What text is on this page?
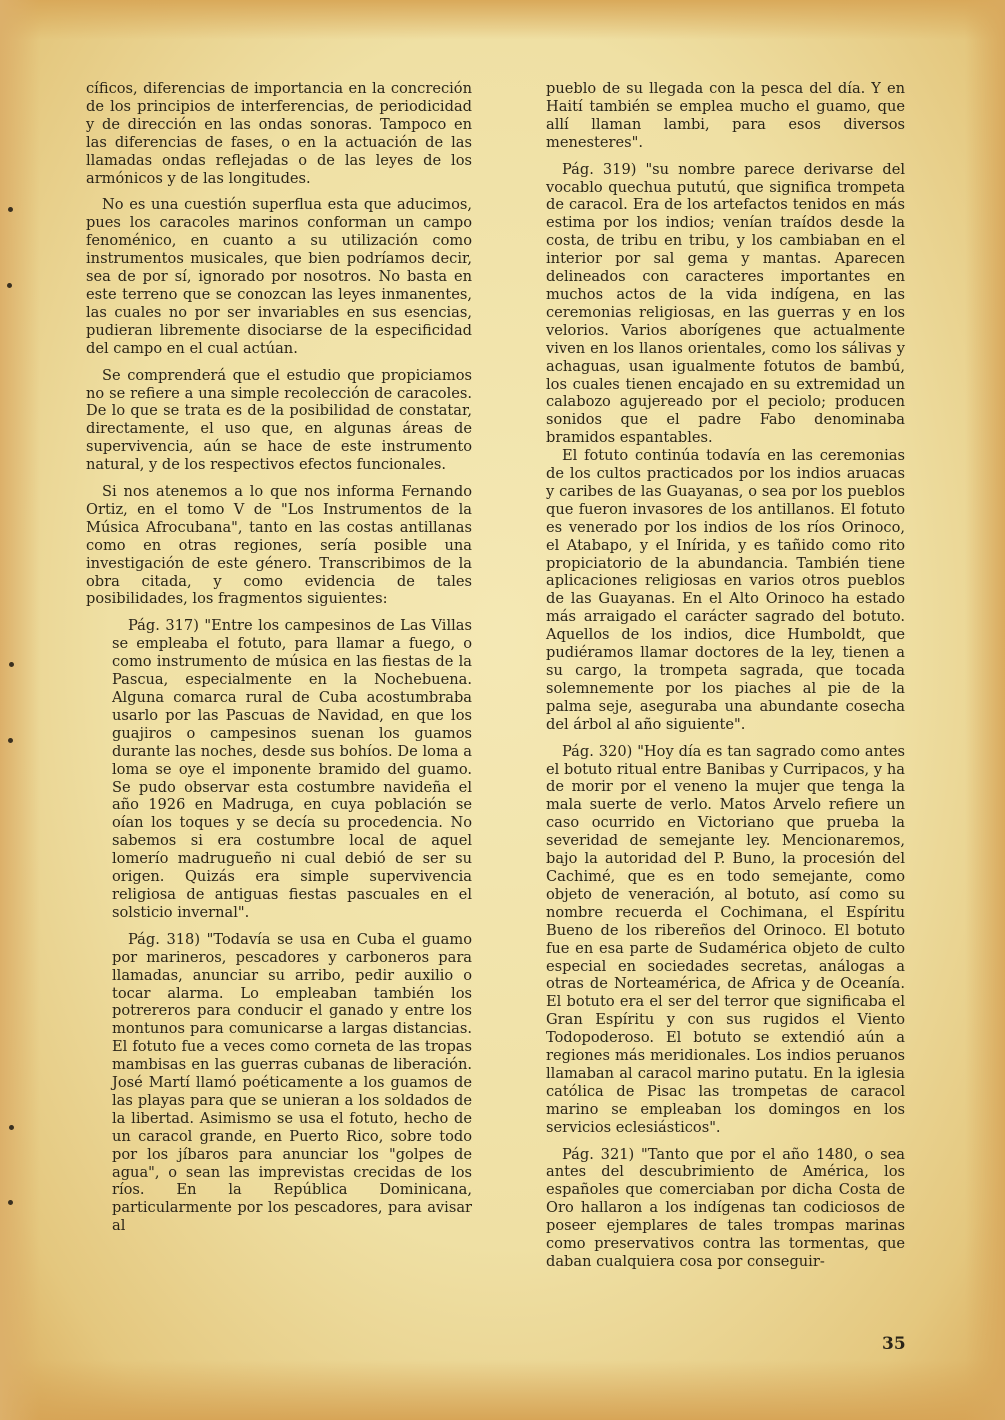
cíficos, diferencias de importancia en la concreción de los principios de interferencias, de periodicidad y de dirección en las ondas sonoras. Tampoco en las diferencias de fases, o en la actuación de las llamadas ondas reflejadas o de las leyes de los armónicos y de las longitudes.

No es una cuestión superflua esta que aducimos, pues los caracoles marinos conforman un campo fenoménico, en cuanto a su utilización como instrumentos musicales, que bien podríamos decir, sea de por sí, ignorado por nosotros. No basta en este terreno que se conozcan las leyes inmanentes, las cuales no por ser invariables en sus esencias, pudieran libremente disociarse de la especificidad del campo en el cual actúan.

Se comprenderá que el estudio que propiciamos no se refiere a una simple recolección de caracoles. De lo que se trata es de la posibilidad de constatar, directamente, el uso que, en algunas áreas de supervivencia, aún se hace de este instrumento natural, y de los respectivos efectos funcionales.

Si nos atenemos a lo que nos informa Fernando Ortiz, en el tomo V de "Los Instrumentos de la Música Afrocubana", tanto en las costas antillanas como en otras regiones, sería posible una investigación de este género. Transcribimos de la obra citada, y como evidencia de tales posibilidades, los fragmentos siguientes:

Pág. 317) "Entre los campesinos de Las Villas se empleaba el fotuto, para llamar a fuego, o como instrumento de música en las fiestas de la Pascua, especialmente en la Nochebuena. Alguna comarca rural de Cuba acostumbraba usarlo por las Pascuas de Navidad, en que los guajiros o campesinos suenan los guamos durante las noches, desde sus bohíos. De loma a loma se oye el imponente bramido del guamo. Se pudo observar esta costumbre navideña el año 1926 en Madruga, en cuya población se oían los toques y se decía su procedencia. No sabemos si era costumbre local de aquel lomerío madrugueño ni cual debió de ser su origen. Quizás era simple supervivencia religiosa de antiguas fiestas pascuales en el solsticio invernal".

Pág. 318) "Todavía se usa en Cuba el guamo por marineros, pescadores y carboneros para llamadas, anunciar su arribo, pedir auxilio o tocar alarma. Lo empleaban también los potrereros para conducir el ganado y entre los montunos para comunicarse a largas distancias. El fotuto fue a veces como corneta de las tropas mambisas en las guerras cubanas de liberación. José Martí llamó poéticamente a los guamos de las playas para que se unieran a los soldados de la libertad. Asimismo se usa el fotuto, hecho de un caracol grande, en Puerto Rico, sobre todo por los jíbaros para anunciar los "golpes de agua", o sean las imprevistas crecidas de los ríos. En la República Dominicana, particularmente por los pescadores, para avisar al

pueblo de su llegada con la pesca del día. Y en Haití también se emplea mucho el guamo, que allí llaman lambi, para esos diversos menesteres".

Pág. 319) "su nombre parece derivarse del vocablo quechua pututú, que significa trompeta de caracol. Era de los artefactos tenidos en más estima por los indios; venían traídos desde la costa, de tribu en tribu, y los cambiaban en el interior por sal gema y mantas. Aparecen delineados con caracteres importantes en muchos actos de la vida indígena, en las ceremonias religiosas, en las guerras y en los velorios. Varios aborígenes que actualmente viven en los llanos orientales, como los sálivas y achaguas, usan igualmente fotutos de bambú, los cuales tienen encajado en su extremidad un calabozo agujereado por el peciolo; producen sonidos que el padre Fabo denominaba bramidos espantables.

El fotuto continúa todavía en las ceremonias de los cultos practicados por los indios aruacas y caribes de las Guayanas, o sea por los pueblos que fueron invasores de los antillanos. El fotuto es venerado por los indios de los ríos Orinoco, el Atabapo, y el Inírida, y es tañido como rito propiciatorio de la abundancia. También tiene aplicaciones religiosas en varios otros pueblos de las Guayanas. En el Alto Orinoco ha estado más arraigado el carácter sagrado del botuto. Aquellos de los indios, dice Humboldt, que pudiéramos llamar doctores de la ley, tienen a su cargo, la trompeta sagrada, que tocada solemnemente por los piaches al pie de la palma seje, aseguraba una abundante cosecha del árbol al año siguiente".

Pág. 320) "Hoy día es tan sagrado como antes el botuto ritual entre Banibas y Curripacos, y ha de morir por el veneno la mujer que tenga la mala suerte de verlo. Matos Arvelo refiere un caso ocurrido en Victoriano que prueba la severidad de semejante ley. Mencionaremos, bajo la autoridad del P. Buno, la procesión del Cachimé, que es en todo semejante, como objeto de veneración, al botuto, así como su nombre recuerda el Cochimana, el Espíritu Bueno de los ribereños del Orinoco. El botuto fue en esa parte de Sudamérica objeto de culto especial en sociedades secretas, análogas a otras de Norteamérica, de Africa y de Oceanía. El botuto era el ser del terror que significaba el Gran Espíritu y con sus rugidos el Viento Todopoderoso. El botuto se extendió aún a regiones más meridionales. Los indios peruanos llamaban al caracol marino putatu. En la iglesia católica de Pisac las trompetas de caracol marino se empleaban los domingos en los servicios eclesiásticos".

Pág. 321) "Tanto que por el año 1480, o sea antes del descubrimiento de América, los españoles que comerciaban por dicha Costa de Oro hallaron a los indígenas tan codiciosos de poseer ejemplares de tales trompas marinas como preservativos contra las tormentas, que daban cualquiera cosa por conseguir-

35
